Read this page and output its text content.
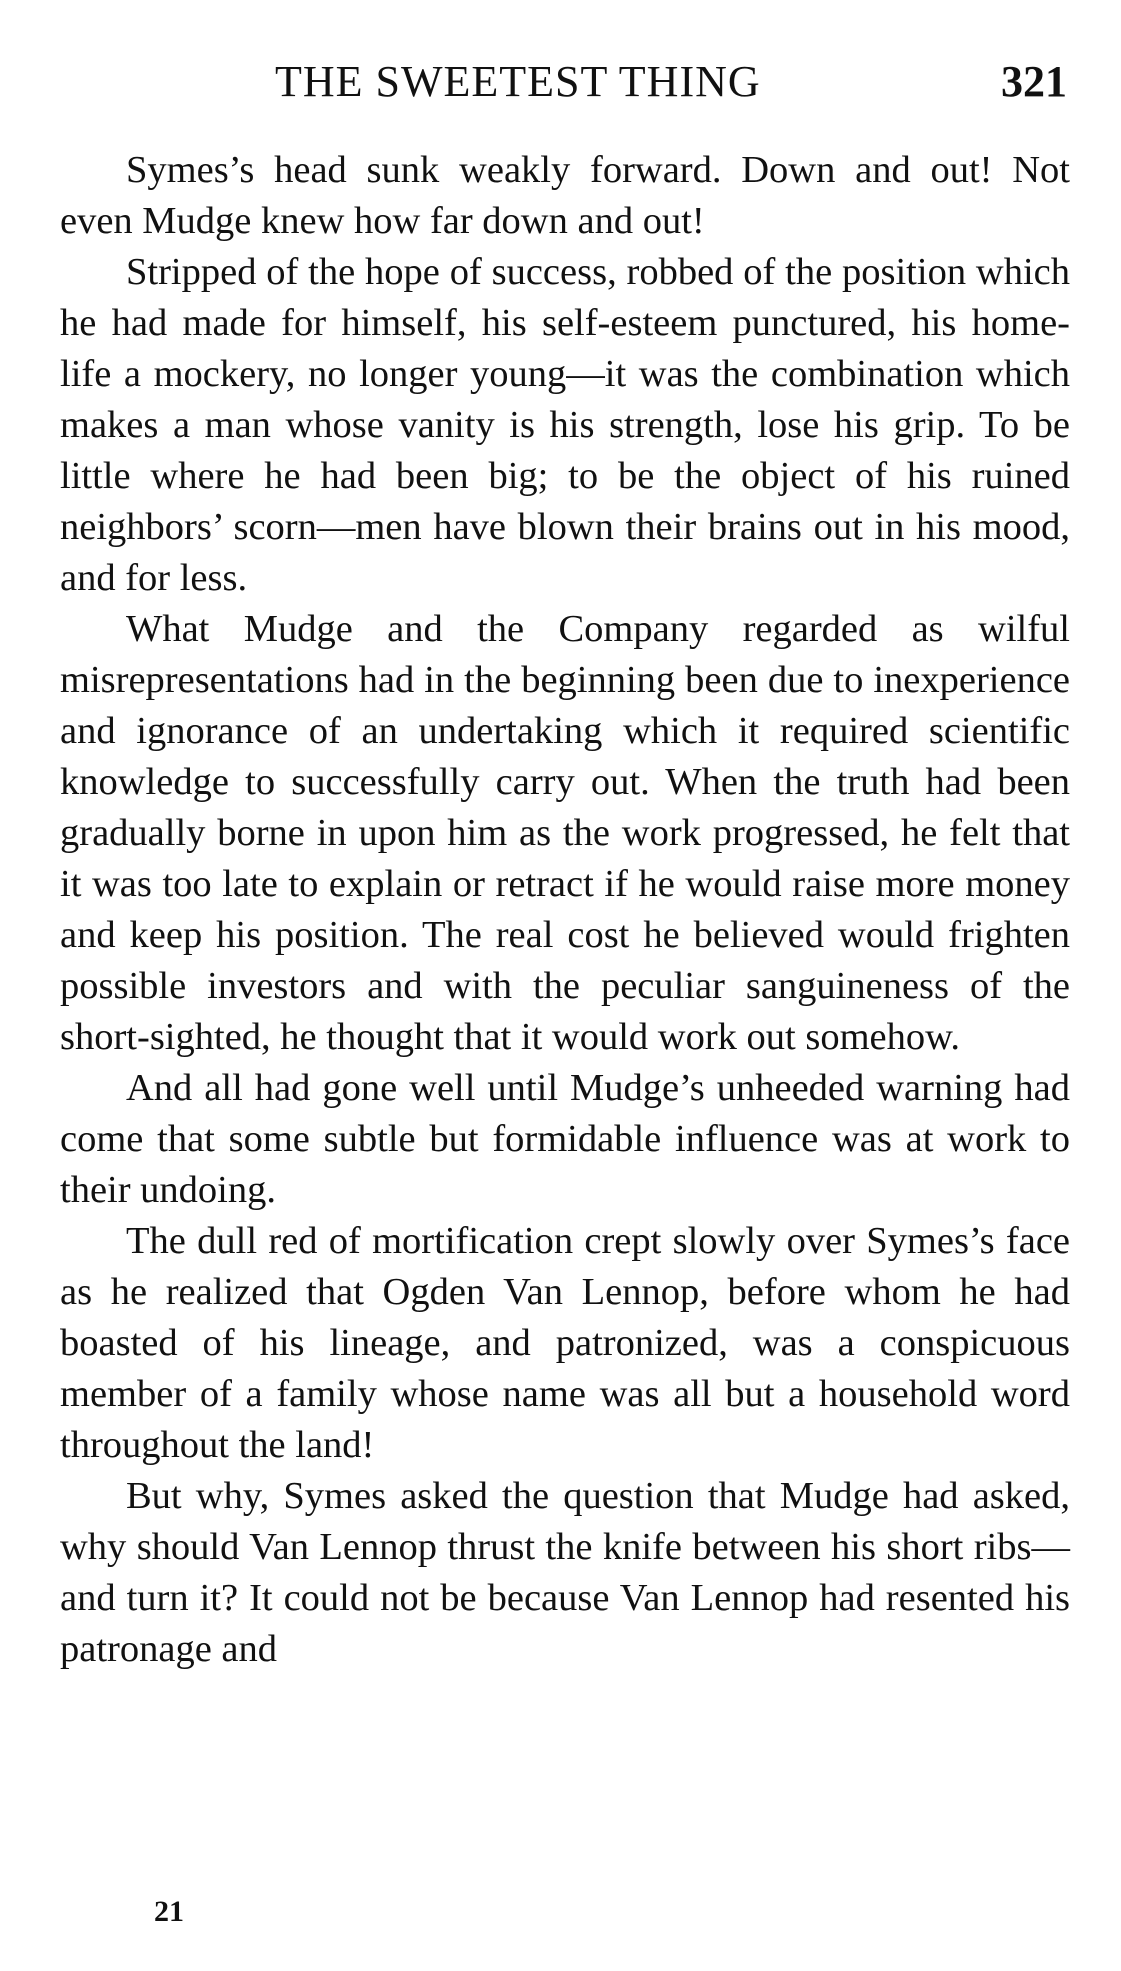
THE SWEETEST THING	321

Symes’s head sunk weakly forward. Down and out! Not even Mudge knew how far down and out!

Stripped of the hope of success, robbed of the position which he had made for himself, his self-esteem punctured, his home-life a mockery, no longer young—it was the combination which makes a man whose vanity is his strength, lose his grip. To be little where he had been big; to be the object of his ruined neighbors’ scorn—men have blown their brains out in his mood, and for less.

What Mudge and the Company regarded as wilful misrepresentations had in the beginning been due to inexperience and ignorance of an undertaking which it required scientific knowledge to successfully carry out. When the truth had been gradually borne in upon him as the work progressed, he felt that it was too late to explain or retract if he would raise more money and keep his position. The real cost he believed would frighten possible investors and with the peculiar sanguineness of the short-sighted, he thought that it would work out somehow.

And all had gone well until Mudge’s unheeded warning had come that some subtle but formidable influence was at work to their undoing.

The dull red of mortification crept slowly over Symes’s face as he realized that Ogden Van Lennop, before whom he had boasted of his lineage, and patronized, was a conspicuous member of a family whose name was all but a household word throughout the land!

But why, Symes asked the question that Mudge had asked, why should Van Lennop thrust the knife between his short ribs—and turn it? It could not be because Van Lennop had resented his patronage and

21
